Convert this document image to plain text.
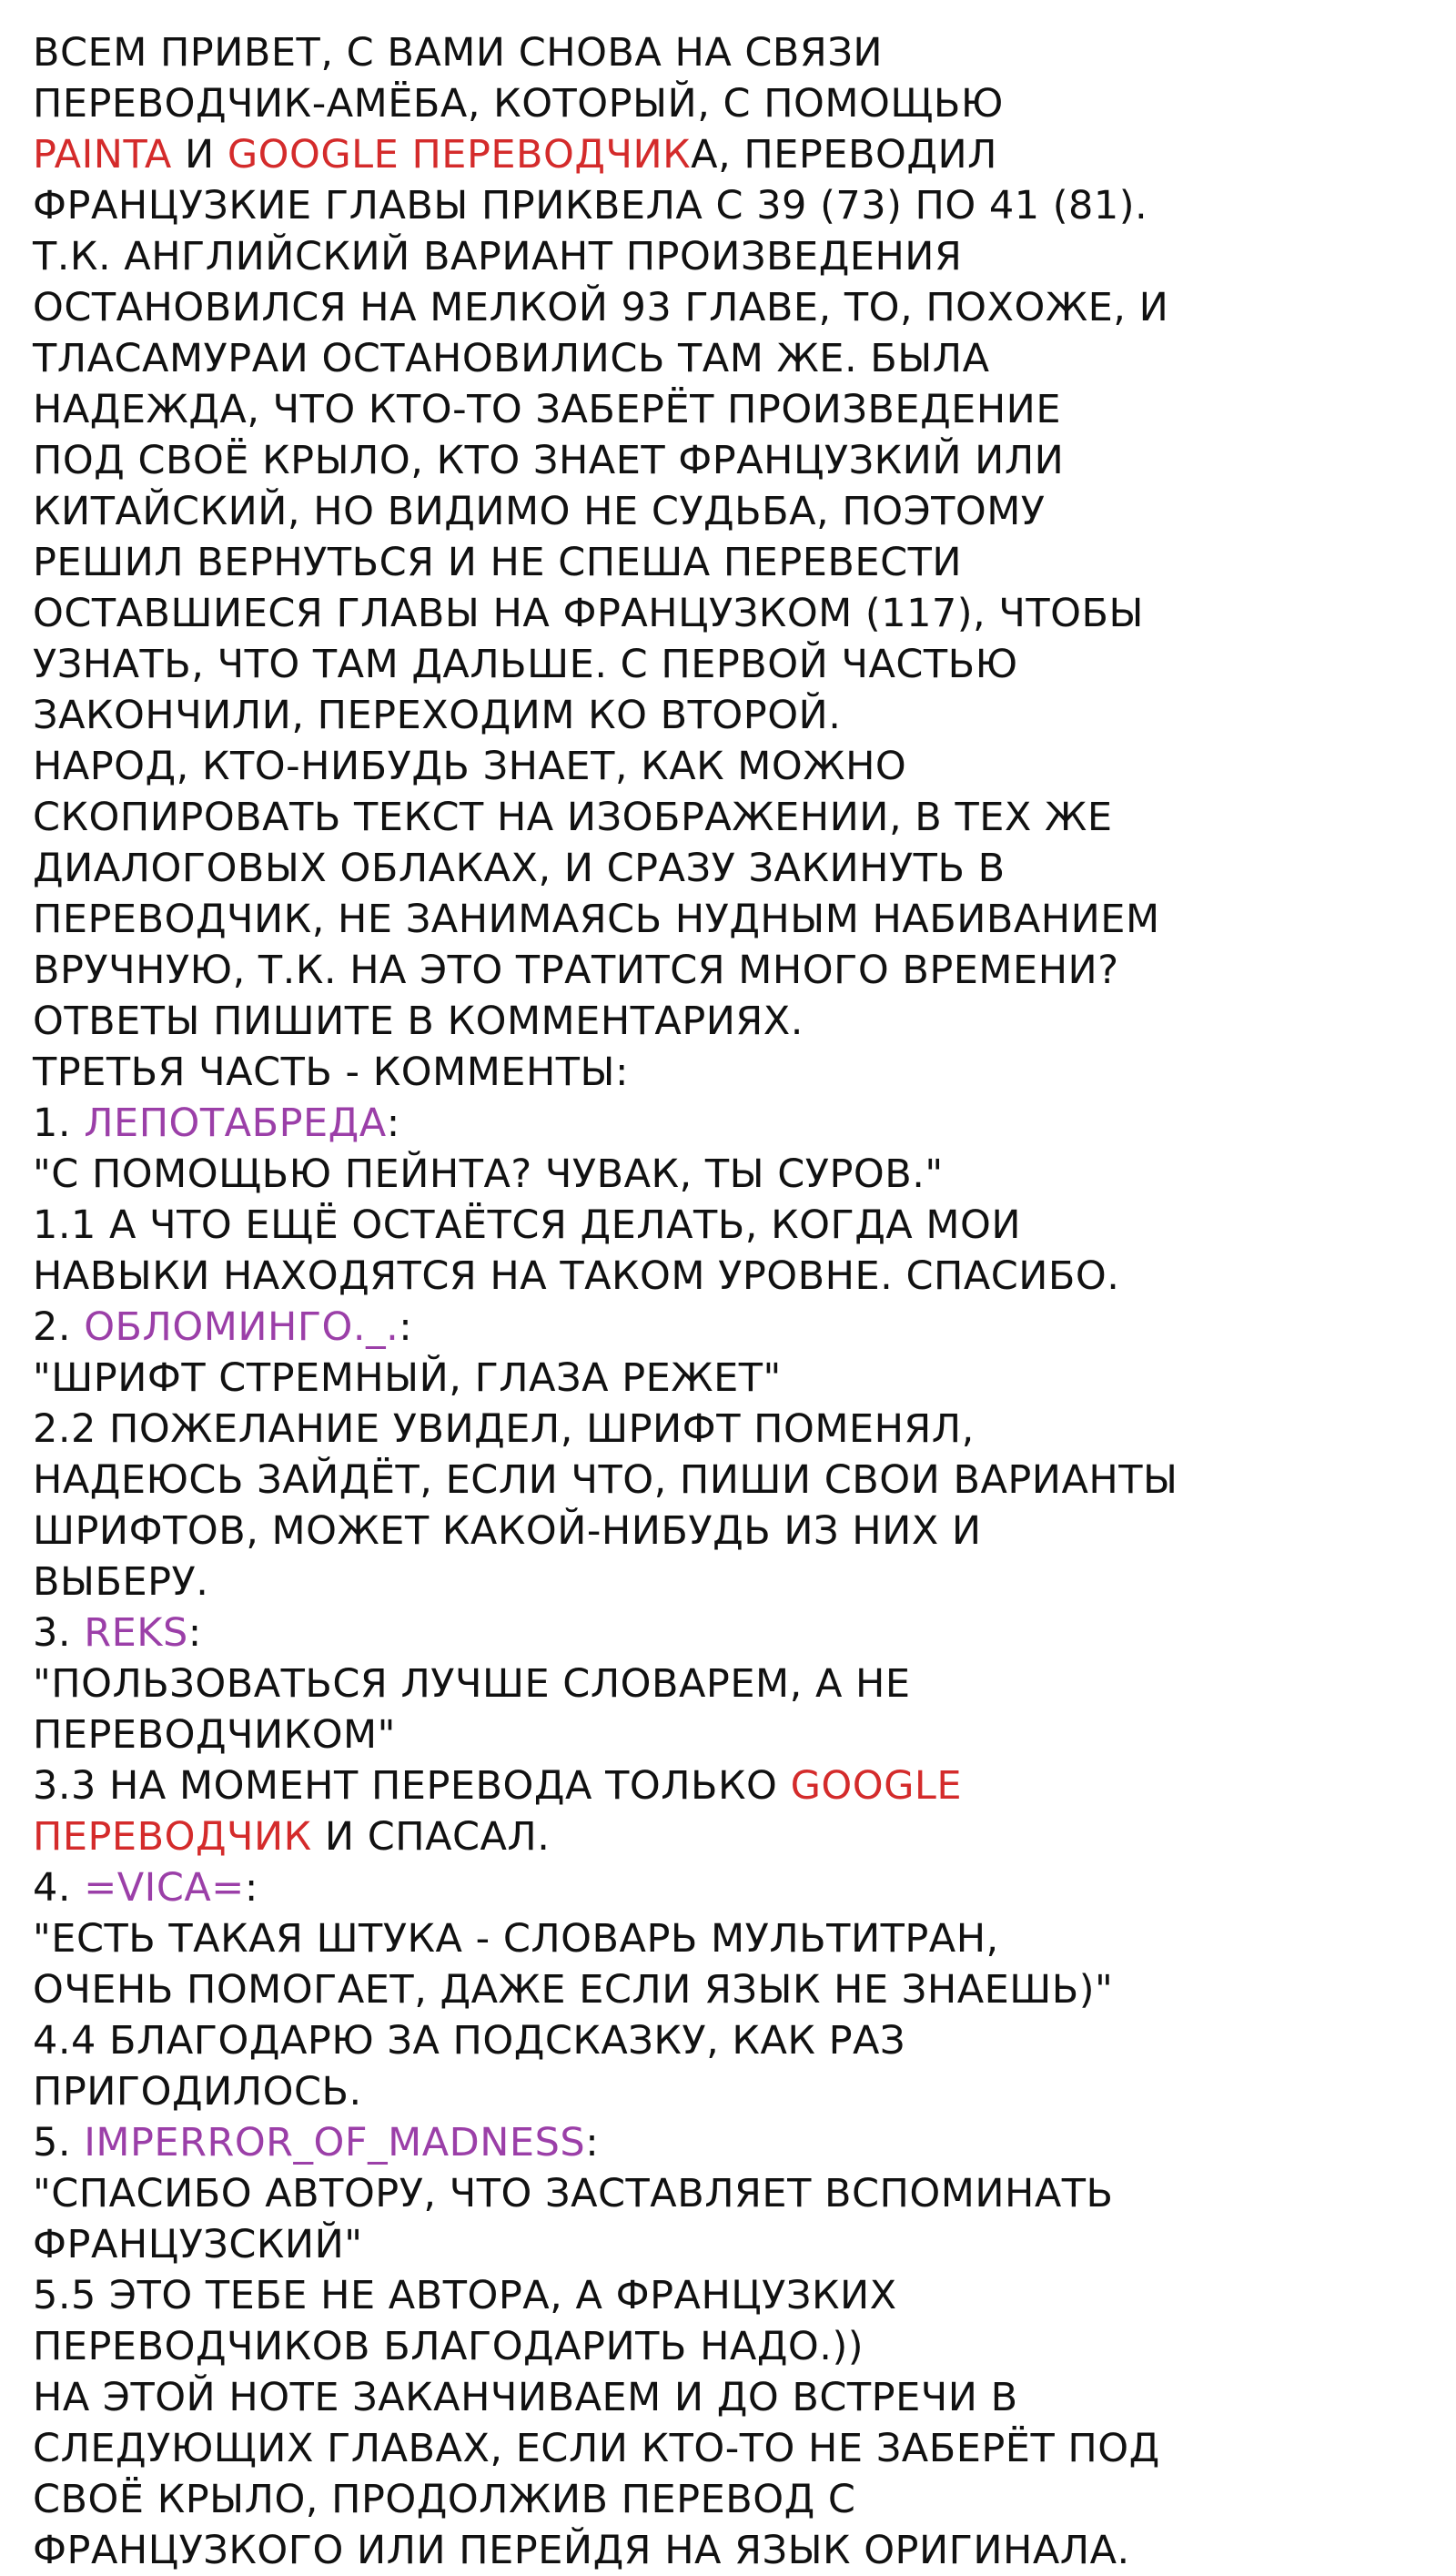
ВСЕМ ПРИВЕТ, С ВАМИ СНОВА НА СВЯЗИ
ПЕРЕВОДЧИК-АМЁБА, КОТОРЫЙ, С ПОМОЩЬЮ
PAINTA И GOOGLE ПЕРЕВОДЧИКА, ПЕРЕВОДИЛ
ФРАНЦУЗКИЕ ГЛАВЫ ПРИКВЕЛА С 39 (73) ПО 41 (81).
Т.К. АНГЛИЙСКИЙ ВАРИАНТ ПРОИЗВЕДЕНИЯ
ОСТАНОВИЛСЯ НА МЕЛКОЙ 93 ГЛАВЕ, ТО, ПОХОЖЕ, И
ТЛАСАМУРАИ ОСТАНОВИЛИСЬ ТАМ ЖЕ. БЫЛА
НАДЕЖДА, ЧТО КТО-ТО ЗАБЕРЁТ ПРОИЗВЕДЕНИЕ
ПОД СВОЁ КРЫЛО, КТО ЗНАЕТ ФРАНЦУЗКИЙ ИЛИ
КИТАЙСКИЙ, НО ВИДИМО НЕ СУДЬБА, ПОЭТОМУ
РЕШИЛ ВЕРНУТЬСЯ И НЕ СПЕША ПЕРЕВЕСТИ
ОСТАВШИЕСЯ ГЛАВЫ НА ФРАНЦУЗКОМ (117), ЧТОБЫ
УЗНАТЬ, ЧТО ТАМ ДАЛЬШЕ. С ПЕРВОЙ ЧАСТЬЮ
ЗАКОНЧИЛИ, ПЕРЕХОДИМ КО ВТОРОЙ.
НАРОД, КТО-НИБУДЬ ЗНАЕТ, КАК МОЖНО
СКОПИРОВАТЬ ТЕКСТ НА ИЗОБРАЖЕНИИ, В ТЕХ ЖЕ
ДИАЛОГОВЫХ ОБЛАКАХ, И СРАЗУ ЗАКИНУТЬ В
ПЕРЕВОДЧИК, НЕ ЗАНИМАЯСЬ НУДНЫМ НАБИВАНИЕМ
ВРУЧНУЮ, Т.К. НА ЭТО ТРАТИТСЯ МНОГО ВРЕМЕНИ?
ОТВЕТЫ ПИШИТЕ В КОММЕНТАРИЯХ.
ТРЕТЬЯ ЧАСТЬ - КОММЕНТЫ:
1. ЛЕПОТАБРЕДА:
"С ПОМОЩЬЮ ПЕЙНТА? ЧУВАК, ТЫ СУРОВ."
1.1 А ЧТО ЕЩЁ ОСТАЁТСЯ ДЕЛАТЬ, КОГДА МОИ
НАВЫКИ НАХОДЯТСЯ НА ТАКОМ УРОВНЕ. СПАСИБО.
2. ОБЛОМИНГО._.:
"ШРИФТ СТРЕМНЫЙ, ГЛАЗА РЕЖЕТ"
2.2 ПОЖЕЛАНИЕ УВИДЕЛ, ШРИФТ ПОМЕНЯЛ,
НАДЕЮСЬ ЗАЙДЁТ, ЕСЛИ ЧТО, ПИШИ СВОИ ВАРИАНТЫ
ШРИФТОВ, МОЖЕТ КАКОЙ-НИБУДЬ ИЗ НИХ И
ВЫБЕРУ.
3. REKS:
"ПОЛЬЗОВАТЬСЯ ЛУЧШЕ СЛОВАРЕМ, А НЕ
ПЕРЕВОДЧИКОМ"
3.3 НА МОМЕНТ ПЕРЕВОДА ТОЛЬКО GOOGLE
ПЕРЕВОДЧИК И СПАСАЛ.
4. =VICA=:
"ЕСТЬ ТАКАЯ ШТУКА - СЛОВАРЬ МУЛЬТИТРАН,
ОЧЕНЬ ПОМОГАЕТ, ДАЖЕ ЕСЛИ ЯЗЫК НЕ ЗНАЕШЬ)"
4.4 БЛАГОДАРЮ ЗА ПОДСКАЗКУ, КАК РАЗ
ПРИГОДИЛОСЬ.
5. IMPERROR_OF_MADNESS:
"СПАСИБО АВТОРУ, ЧТО ЗАСТАВЛЯЕТ ВСПОМИНАТЬ
ФРАНЦУЗСКИЙ"
5.5 ЭТО ТЕБЕ НЕ АВТОРА, А ФРАНЦУЗКИХ
ПЕРЕВОДЧИКОВ БЛАГОДАРИТЬ НАДО.))
НА ЭТОЙ НОТЕ ЗАКАНЧИВАЕМ И ДО ВСТРЕЧИ В
СЛЕДУЮЩИХ ГЛАВАХ, ЕСЛИ КТО-ТО НЕ ЗАБЕРЁТ ПОД
СВОЁ КРЫЛО, ПРОДОЛЖИВ ПЕРЕВОД С
ФРАНЦУЗКОГО ИЛИ ПЕРЕЙДЯ НА ЯЗЫК ОРИГИНАЛА.
